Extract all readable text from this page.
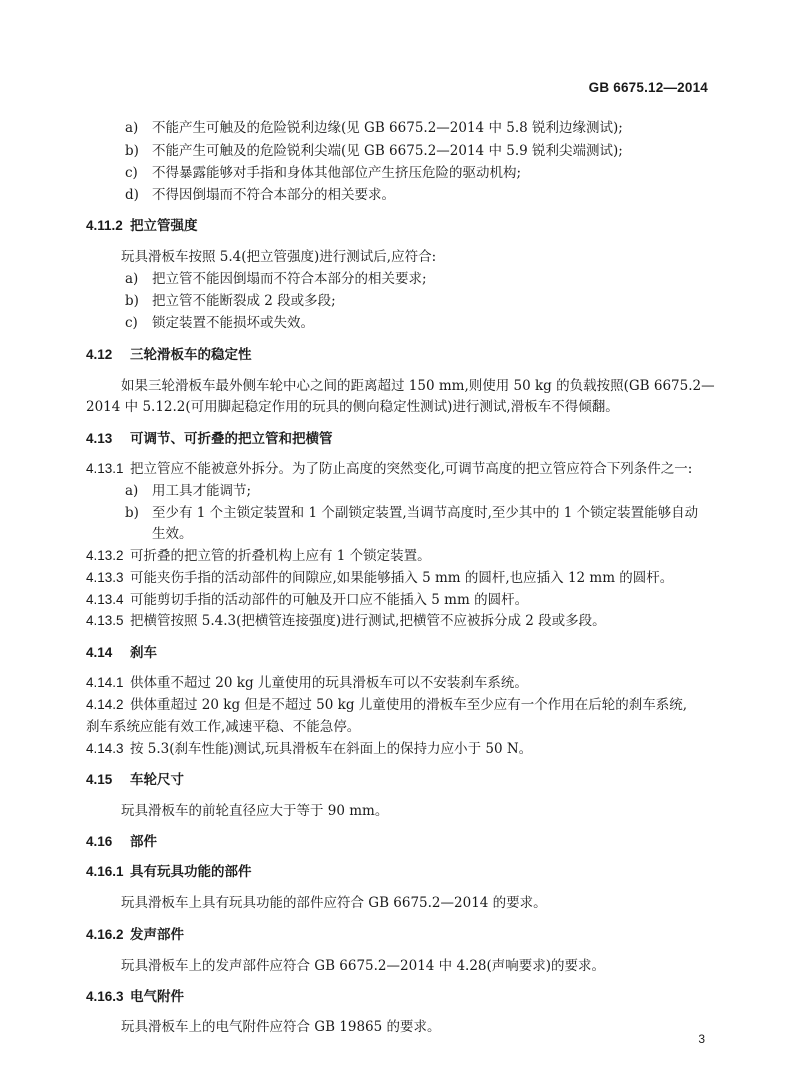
GB 6675.12—2014
a) 不能产生可触及的危险锐利边缘(见 GB 6675.2—2014 中 5.8 锐利边缘测试);
b) 不能产生可触及的危险锐利尖端(见 GB 6675.2—2014 中 5.9 锐利尖端测试);
c) 不得暴露能够对手指和身体其他部位产生挤压危险的驱动机构;
d) 不得因倒塌而不符合本部分的相关要求。
4.11.2 把立管强度
玩具滑板车按照 5.4(把立管强度)进行测试后,应符合:
a) 把立管不能因倒塌而不符合本部分的相关要求;
b) 把立管不能断裂成 2 段或多段;
c) 锁定装置不能损坏或失效。
4.12 三轮滑板车的稳定性
如果三轮滑板车最外侧车轮中心之间的距离超过 150 mm,则使用 50 kg 的负载按照(GB 6675.2—
2014 中 5.12.2(可用脚起稳定作用的玩具的侧向稳定性测试)进行测试,滑板车不得倾翻。
4.13 可调节、可折叠的把立管和把横管
4.13.1 把立管应不能被意外拆分。为了防止高度的突然变化,可调节高度的把立管应符合下列条件之一:
a) 用工具才能调节;
b) 至少有 1 个主锁定装置和 1 个副锁定装置,当调节高度时,至少其中的 1 个锁定装置能够自动
生效。
4.13.2 可折叠的把立管的折叠机构上应有 1 个锁定装置。
4.13.3 可能夹伤手指的活动部件的间隙应,如果能够插入 5 mm 的圆杆,也应插入 12 mm 的圆杆。
4.13.4 可能剪切手指的活动部件的可触及开口应不能插入 5 mm 的圆杆。
4.13.5 把横管按照 5.4.3(把横管连接强度)进行测试,把横管不应被拆分成 2 段或多段。
4.14 刹车
4.14.1 供体重不超过 20 kg 儿童使用的玩具滑板车可以不安装刹车系统。
4.14.2 供体重超过 20 kg 但是不超过 50 kg 儿童使用的滑板车至少应有一个作用在后轮的刹车系统,
刹车系统应能有效工作,减速平稳、不能急停。
4.14.3 按 5.3(刹车性能)测试,玩具滑板车在斜面上的保持力应小于 50 N。
4.15 车轮尺寸
玩具滑板车的前轮直径应大于等于 90 mm。
4.16 部件
4.16.1 具有玩具功能的部件
玩具滑板车上具有玩具功能的部件应符合 GB 6675.2—2014 的要求。
4.16.2 发声部件
玩具滑板车上的发声部件应符合 GB 6675.2—2014 中 4.28(声响要求)的要求。
4.16.3 电气附件
玩具滑板车上的电气附件应符合 GB 19865 的要求。
3
